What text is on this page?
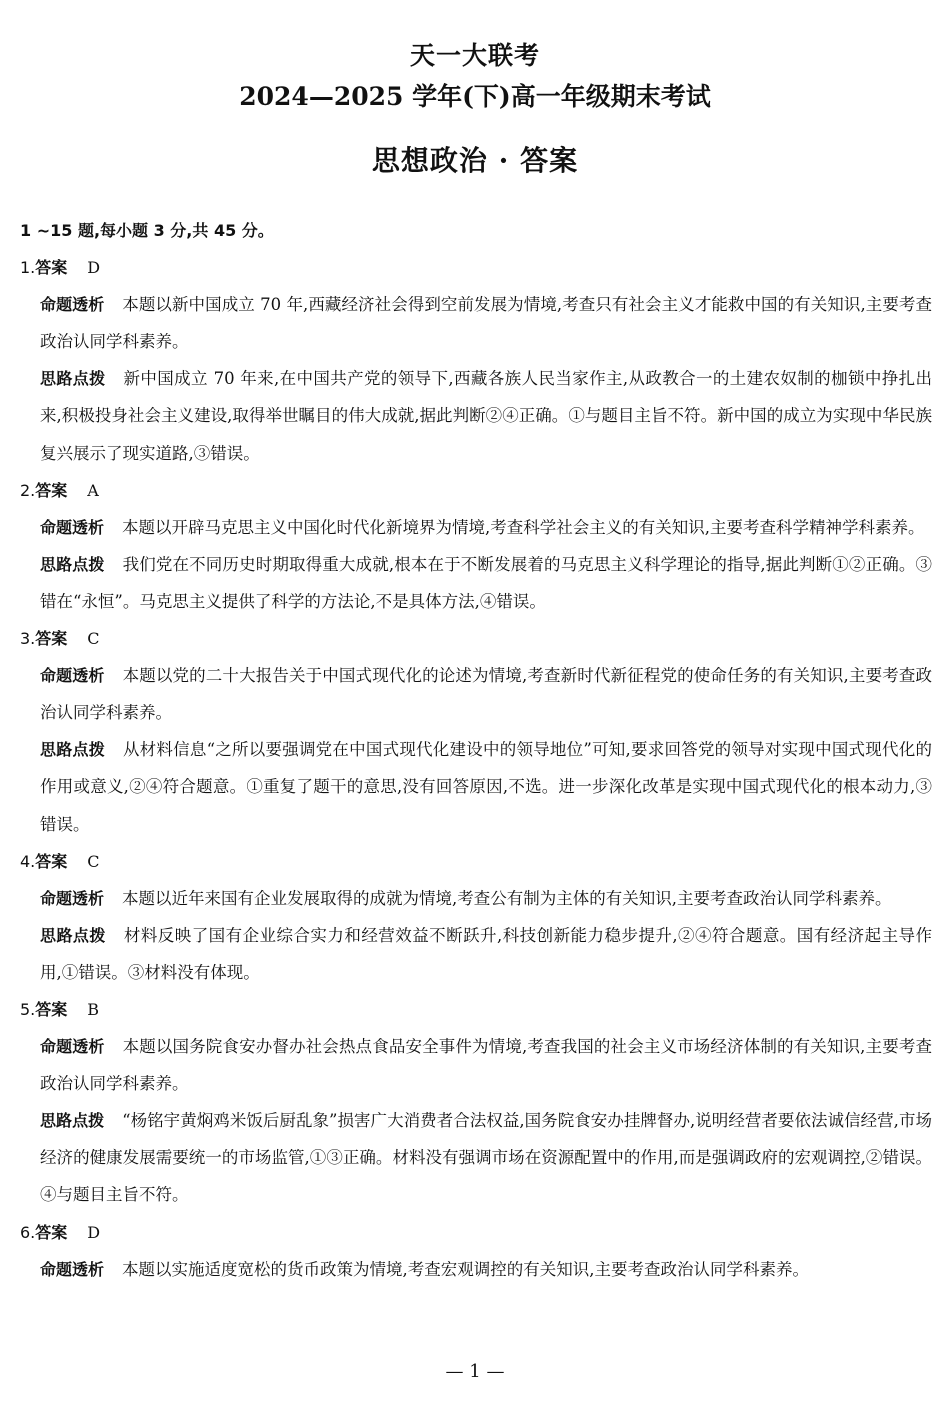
天一大联考
2024—2025 学年(下)高一年级期末考试
思想政治 · 答案
1 ~15 题,每小题 3 分,共 45 分。
1.答案 D
命题透析 本题以新中国成立 70 年,西藏经济社会得到空前发展为情境,考查只有社会主义才能救中国的有关知识,主要考查政治认同学科素养。
思路点拨 新中国成立 70 年来,在中国共产党的领导下,西藏各族人民当家作主,从政教合一的土建农奴制的枷锁中挣扎出来,积极投身社会主义建设,取得举世瞩目的伟大成就,据此判断②④正确。①与题目主旨不符。新中国的成立为实现中华民族复兴展示了现实道路,③错误。
2.答案 A
命题透析 本题以开辟马克思主义中国化时代化新境界为情境,考查科学社会主义的有关知识,主要考查科学精神学科素养。
思路点拨 我们党在不同历史时期取得重大成就,根本在于不断发展着的马克思主义科学理论的指导,据此判断①②正确。③错在“永恒”。马克思主义提供了科学的方法论,不是具体方法,④错误。
3.答案 C
命题透析 本题以党的二十大报告关于中国式现代化的论述为情境,考查新时代新征程党的使命任务的有关知识,主要考查政治认同学科素养。
思路点拨 从材料信息“之所以要强调党在中国式现代化建设中的领导地位”可知,要求回答党的领导对实现中国式现代化的作用或意义,②④符合题意。①重复了题干的意思,没有回答原因,不选。进一步深化改革是实现中国式现代化的根本动力,③错误。
4.答案 C
命题透析 本题以近年来国有企业发展取得的成就为情境,考查公有制为主体的有关知识,主要考查政治认同学科素养。
思路点拨 材料反映了国有企业综合实力和经营效益不断跃升,科技创新能力稳步提升,②④符合题意。国有经济起主导作用,①错误。③材料没有体现。
5.答案 B
命题透析 本题以国务院食安办督办社会热点食品安全事件为情境,考查我国的社会主义市场经济体制的有关知识,主要考查政治认同学科素养。
思路点拨 “杨铭宇黄焖鸡米饭后厨乱象”损害广大消费者合法权益,国务院食安办挂牌督办,说明经营者要依法诚信经营,市场经济的健康发展需要统一的市场监管,①③正确。材料没有强调市场在资源配置中的作用,而是强调政府的宏观调控,②错误。④与题目主旨不符。
6.答案 D
命题透析 本题以实施适度宽松的货币政策为情境,考查宏观调控的有关知识,主要考查政治认同学科素养。
— 1 —
